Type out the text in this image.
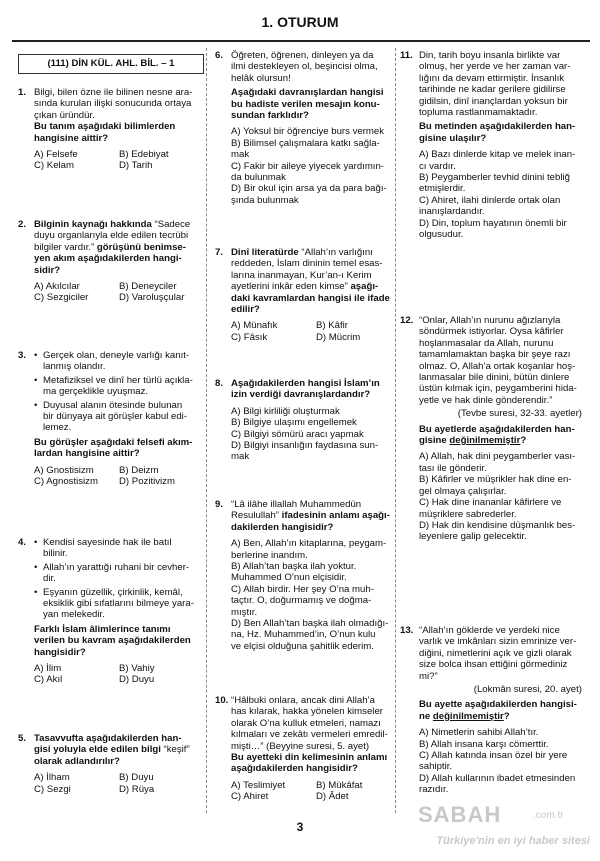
1. OTURUM
(111) DİN KÜL. AHL. BİL. – 1
1. Bilgi, bilen özne ile bilinen nesne ara-
sında kurulan ilişki sonucunda ortaya
çıkan üründür.
Bu tanım aşağıdaki bilimlerden
hangisine aittir?
A) Felsefe	B) Edebiyat
C) Kelam	D) Tarih
2. Bilginin kaynağı hakkında “Sadece
duyu organlarıyla elde edilen tecrübi
bilgiler vardır.” görüşünü benimse-
yen akım aşağıdakilerden hangi-
sidir?
A) Akılcılar	B) Deneyciler
C) Sezgiciler	D) Varoluşçular
3.	• Gerçek olan, deneyle varlığı kanıt-
lanmış olandır.
• Metafiziksel ve dinî her türlü açıkla-
ma gerçeklikle uyuşmaz.
• Duyusal alanın ötesinde bulunan
bir dünyaya ait görüşler kabul edi-
lemez.
Bu görüşler aşağıdaki felsefi akım-
lardan hangisine aittir?
A) Gnostisizm	B) Deizm
C) Agnostisizm	D) Pozitivizm
4.	• Kendisi sayesinde hak ile batıl
bilinir.
• Allah’ın yarattığı ruhani bir cevher-
dir.
• Eşyanın güzellik, çirkinlik, kemâl,
eksiklik gibi sıfatlarını bilmeye yara-
yan melekedir.
Farklı İslam âlimlerince tanımı
verilen bu kavram aşağıdakilerden
hangisidir?
A) İlim	B) Vahiy
C) Akıl	D) Duyu
5. Tasavvufta aşağıdakilerden han-
gisi yoluyla elde edilen bilgi “keşif”
olarak adlandırılır?
A) İlham	B) Duyu
C) Sezgi	D) Rüya
6. Öğreten, öğrenen, dinleyen ya da
ilmi destekleyen ol, beşincisi olma,
helâk olursun!
Aşağıdaki davranışlardan hangisi
bu hadiste verilen mesajın konu-
sundan farklıdır?
A) Yoksul bir öğrenciye burs vermek
B) Bilimsel çalışmalara katkı sağla-
mak
C) Fakir bir aileye yiyecek yardımın-
da bulunmak
D) Bir okul için arsa ya da para bağı-
şında bulunmak
7. Dinî literatürde “Allah’ın varlığını
reddeden, İslam dininin temel esas-
larına inanmayan, Kur’an-ı Kerim
ayetlerini inkâr eden kimse” aşağı-
daki kavramlardan hangisi ile ifade
edilir?
A) Münafık	B) Kâfir
C) Fâsık	D) Mücrim
8. Aşağıdakilerden hangisi İslam’ın
izin verdiği davranışlardandır?
A) Bilgi kirliliği oluşturmak
B) Bilgiye ulaşımı engellemek
C) Bilgiyi sömürü aracı yapmak
D) Bilgiyi insanlığın faydasına sun-
mak
9. “Lâ ilâhe illallah Muhammedün
Resulullah” ifadesinin anlamı aşağı-
dakilerden hangisidir?
A) Ben, Allah’ın kitaplarına, peygam-
berlerine inandım.
B) Allah’tan başka ilah yoktur.
Muhammed O’nun elçisidir.
C) Allah birdir. Her şey O’na muh-
taçtır. O, doğurmamış ve doğma-
mıştır.
D) Ben Allah’tan başka ilah olmadığı-
na, Hz. Muhammed’in, O’nun kulu
ve elçisi olduğuna şahitlik ederim.
10. “Hâlbuki onlara, ancak dini Allah’a
has kılarak, hakka yönelen kimseler
olarak O’na kulluk etmeleri, namazı
kılmaları ve zekâtı vermeleri emredil-
mişti…” (Beyyine suresi, 5. ayet)
Bu ayetteki din kelimesinin anlamı
aşağıdakilerden hangisidir?
A) Teslimiyet	B) Mükâfat
C) Ahiret	D) Âdet
11. Din, tarih boyu insanla birlikte var
olmuş, her yerde ve her zaman var-
lığını da devam ettirmiştir. İnsanlık
tarihinde ne kadar gerilere gidilirse
gidilsin, dinî inançlardan yoksun bir
topluma rastlanmamaktadır.
Bu metinden aşağıdakilerden han-
gisine ulaşılır?
A) Bazı dinlerde kitap ve melek inan-
cı vardır.
B) Peygamberler tevhid dinini tebliğ
etmişlerdir.
C) Ahiret, ilahi dinlerde ortak olan
inanışlardandır.
D) Din, toplum hayatının önemli bir
olgusudur.
12. “Onlar, Allah’ın nurunu ağızlarıyla
söndürmek istiyorlar. Oysa kâfirler
hoşlanmasalar da Allah, nurunu
tamamlamaktan başka bir şeye razı
olmaz. O, Allah’a ortak koşanlar hoş-
lanmasalar bile dinini, bütün dinlere
üstün kılmak için, peygamberini hida-
yetle ve hak dinle gönderendir.”
(Tevbe suresi, 32-33. ayetler)
Bu ayetlerde aşağıdakilerden han-
gisine değinilmemiştir?
A) Allah, hak dini peygamberler vası-
tası ile gönderir.
B) Kâfirler ve müşrikler hak dine en-
gel olmaya çalışırlar.
C) Hak dine inananlar kâfirlere ve
müşriklere sabrederler.
D) Hak din kendisine düşmanlık bes-
leyenlere galip gelecektir.
13. “Allah’ın göklerde ve yerdeki nice
varlık ve imkânları sizin emrinize ver-
diğini, nimetlerini açık ve gizli olarak
size bolca ihsan ettiğini görmediniz
mi?”
(Lokmân suresi, 20. ayet)
Bu ayette aşağıdakilerden hangisi-
ne değinilmemiştir?
A) Nimetlerin sahibi Allah’tır.
B) Allah insana karşı cömerttir.
C) Allah katında insan özel bir yere
sahiptir.
D) Allah kullarının ibadet etmesinden
razıdır.
SABAH	.com.tr
Türkiye'nin en iyi haber sitesi
3
